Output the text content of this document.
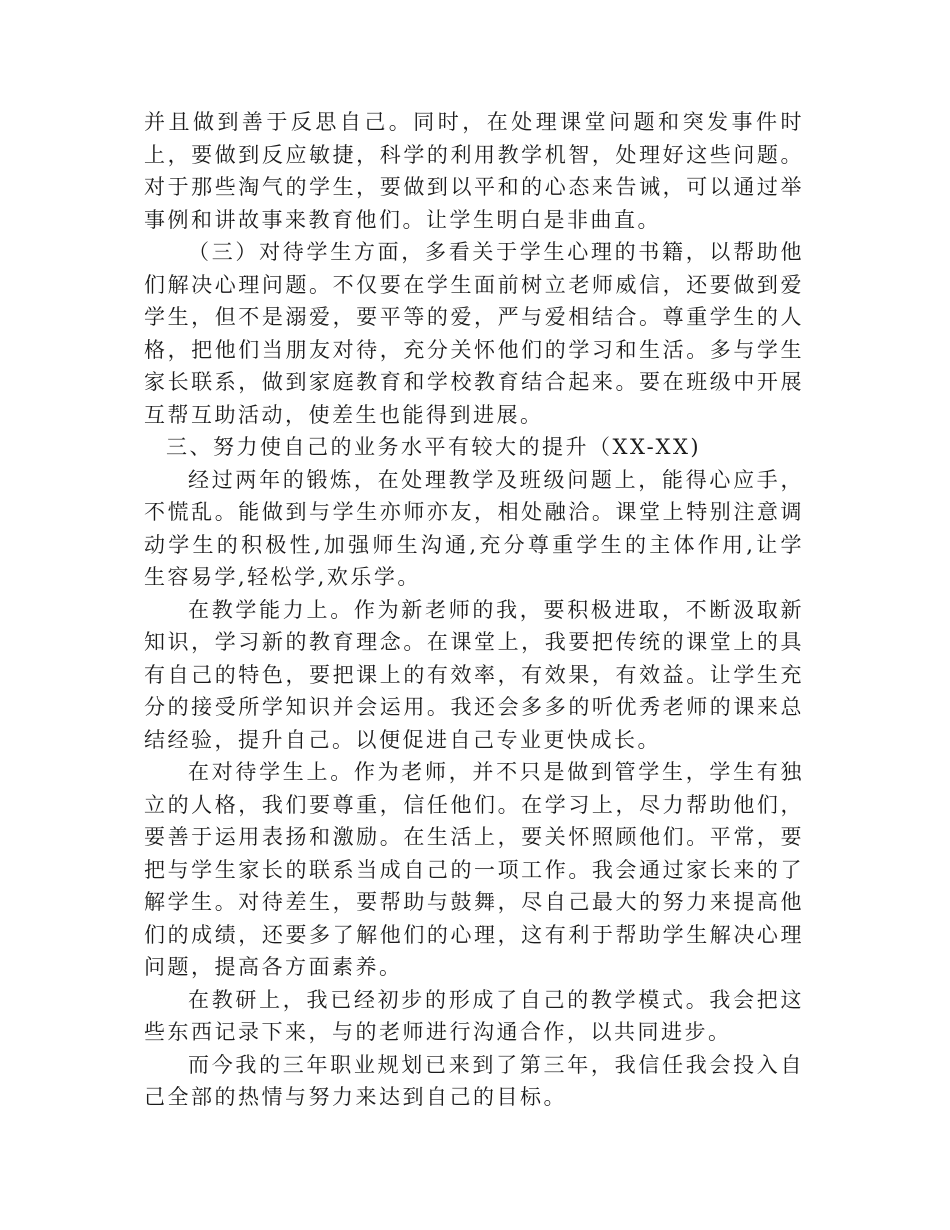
并且做到善于反思自己。同时，在处理课堂问题和突发事件时上，要做到反应敏捷，科学的利用教学机智，处理好这些问题。对于那些淘气的学生，要做到以平和的心态来告诫，可以通过举事例和讲故事来教育他们。让学生明白是非曲直。

（三）对待学生方面，多看关于学生心理的书籍，以帮助他们解决心理问题。不仅要在学生面前树立老师威信，还要做到爱学生，但不是溺爱，要平等的爱，严与爱相结合。尊重学生的人格，把他们当朋友对待，充分关怀他们的学习和生活。多与学生家长联系，做到家庭教育和学校教育结合起来。要在班级中开展互帮互助活动，使差生也能得到进展。

三、努力使自己的业务水平有较大的提升（XX-XX)

经过两年的锻炼，在处理教学及班级问题上，能得心应手，不慌乱。能做到与学生亦师亦友，相处融洽。课堂上特别注意调动学生的积极性,加强师生沟通,充分尊重学生的主体作用,让学生容易学,轻松学,欢乐学。

在教学能力上。作为新老师的我，要积极进取，不断汲取新知识，学习新的教育理念。在课堂上，我要把传统的课堂上的具有自己的特色，要把课上的有效率，有效果，有效益。让学生充分的接受所学知识并会运用。我还会多多的听优秀老师的课来总结经验，提升自己。以便促进自己专业更快成长。

在对待学生上。作为老师，并不只是做到管学生，学生有独立的人格，我们要尊重，信任他们。在学习上，尽力帮助他们，要善于运用表扬和激励。在生活上，要关怀照顾他们。平常，要把与学生家长的联系当成自己的一项工作。我会通过家长来的了解学生。对待差生，要帮助与鼓舞，尽自己最大的努力来提高他们的成绩，还要多了解他们的心理，这有利于帮助学生解决心理问题，提高各方面素养。

在教研上，我已经初步的形成了自己的教学模式。我会把这些东西记录下来，与的老师进行沟通合作，以共同进步。

而今我的三年职业规划已来到了第三年，我信任我会投入自己全部的热情与努力来达到自己的目标。
